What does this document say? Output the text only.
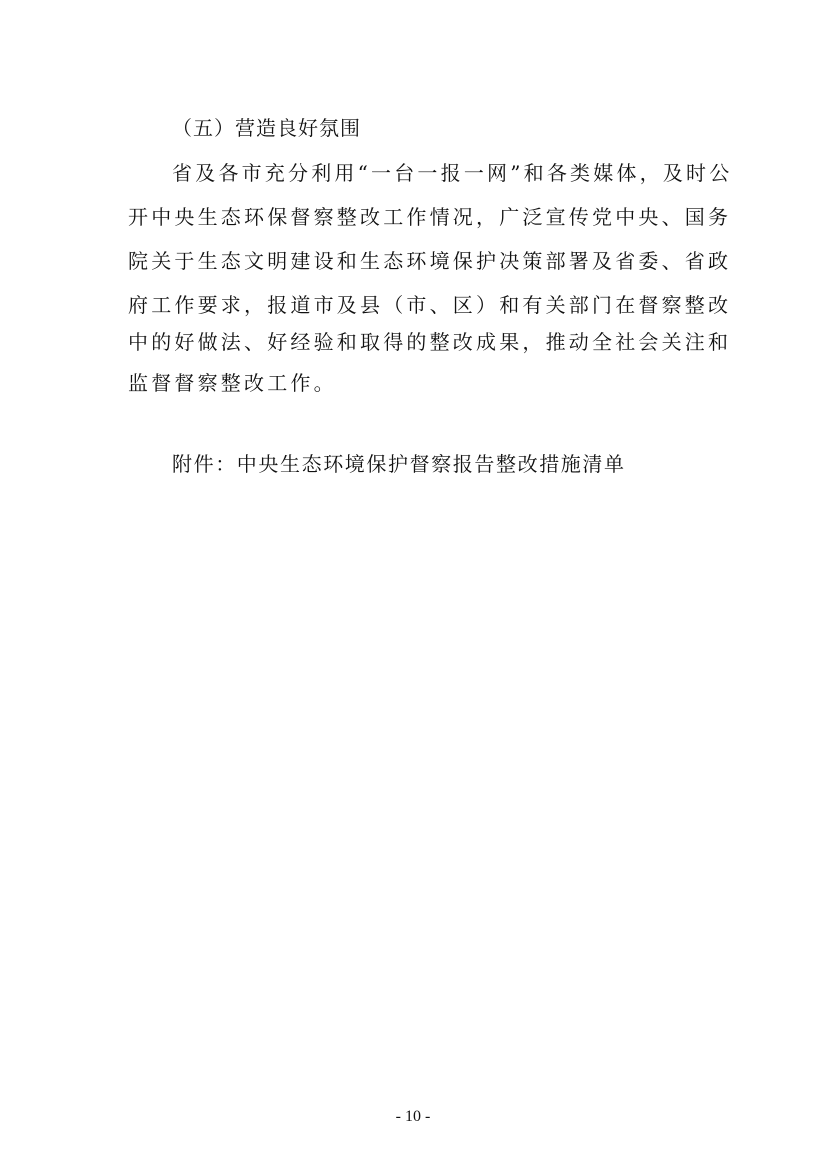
（五）营造良好氛围
省及各市充分利用“一台一报一网”和各类媒体，及时公
开中央生态环保督察整改工作情况，广泛宣传党中央、国务
院关于生态文明建设和生态环境保护决策部署及省委、省政
府工作要求，报道市及县（市、区）和有关部门在督察整改
中的好做法、好经验和取得的整改成果，推动全社会关注和
监督督察整改工作。
附件：中央生态环境保护督察报告整改措施清单
- 10 -
